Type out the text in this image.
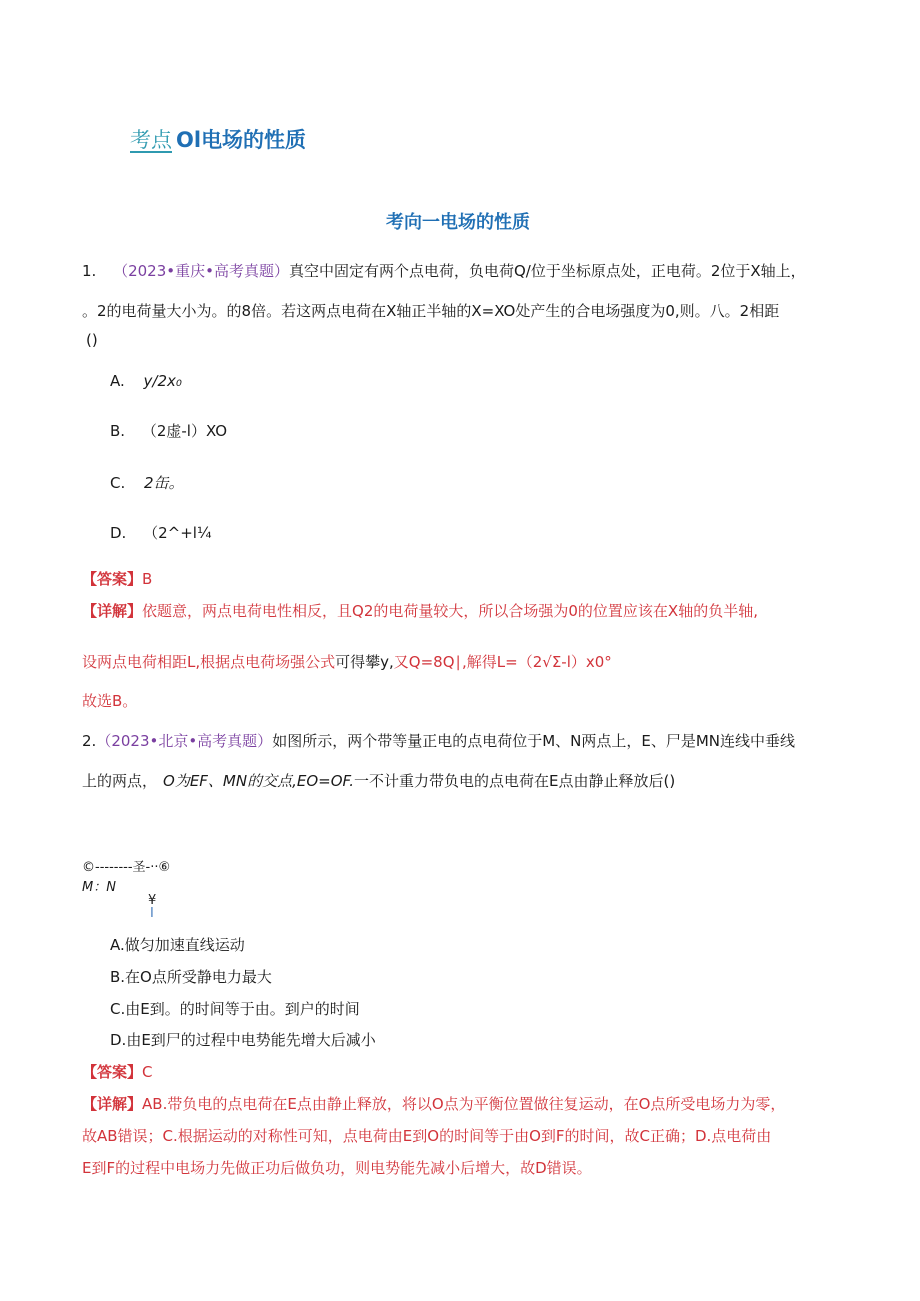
考点 Ol电场的性质
考向一电场的性质
1. （2023•重庆•高考真题）真空中固定有两个点电荷，负电荷Q/位于坐标原点处，正电荷。2位于X轴上，
。2的电荷量大小为。的8倍。若这两点电荷在X轴正半轴的X=XO处产生的合电场强度为0,则。八。2相距
()
A. y∕2x₀
B. （2虚-l）XO
C. 2缶。
D. （2^+l¼
【答案】B
【详解】依题意，两点电荷电性相反，且Q2的电荷量较大，所以合场强为0的位置应该在X轴的负半轴,
设两点电荷相距L,根据点电荷场强公式可得攀y,又Q=8Q∣,解得L=（2√Σ-l）x0°
故选B。
2.（2023•北京•高考真题）如图所示，两个带等量正电的点电荷位于M、N两点上，E、尸是MN连线中垂线
上的两点， O为EF、MN的交点,EO=OF.一不计重力带负电的点电荷在E点由静止释放后()
©--------圣-··⑥
M：N
¥
I
A.做匀加速直线运动
B.在O点所受静电力最大
C.由E到。的时间等于由。到户的时间
D.由E到尸的过程中电势能先增大后减小
【答案】C
【详解】AB.带负电的点电荷在E点由静止释放，将以O点为平衡位置做往复运动，在O点所受电场力为零，
故AB错误；C.根据运动的对称性可知，点电荷由E到O的时间等于由O到F的时间，故C正确；D.点电荷由
E到F的过程中电场力先做正功后做负功，则电势能先减小后增大，故D错误。
